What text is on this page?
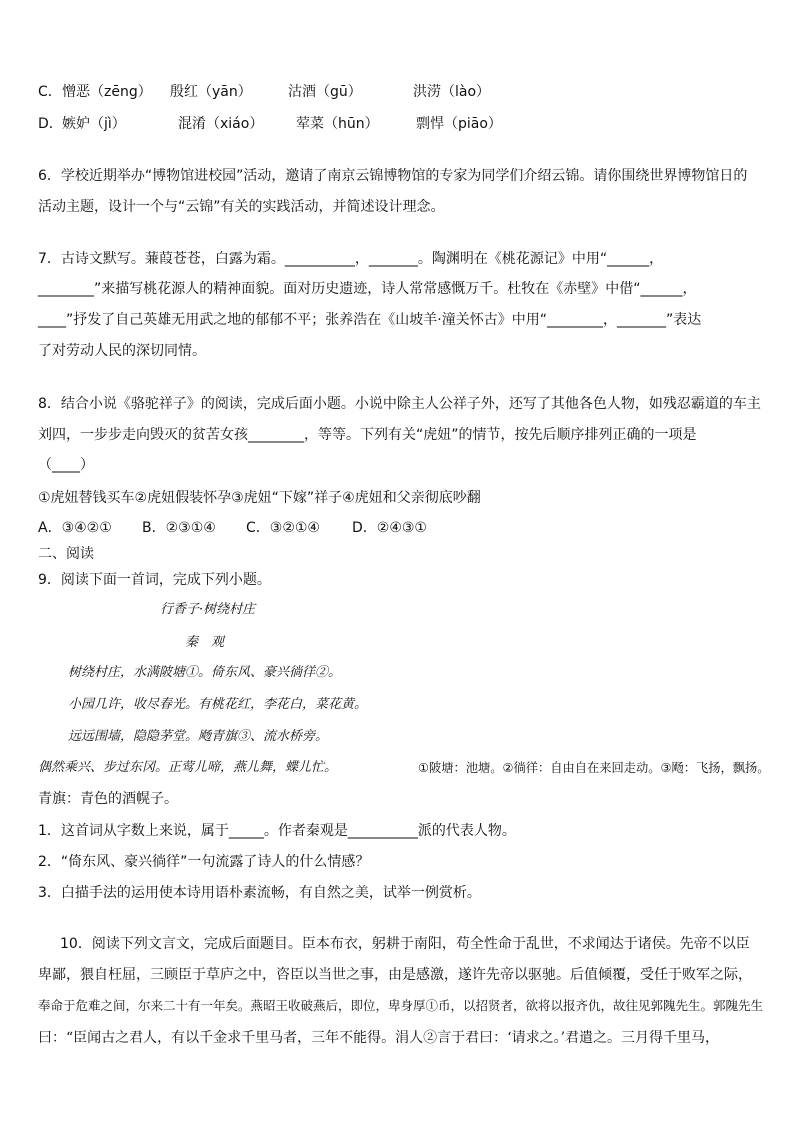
C． 憎恶（zēng） 殷红（yān）	沽酒（gū）	洪涝（lào）
D． 嫉妒（jì）	混淆（xiáo） 荤菜（hūn）	剽悍（piāo）
6．学校近期举办“博物馆进校园”活动，邀请了南京云锦博物馆的专家为同学们介绍云锦。请你围绕世界博物馆日的
活动主题，设计一个与“云锦”有关的实践活动，并简述设计理念。
7．古诗文默写。蒹葭苍苍，白露为霜。__________，_______。陶渊明在《桃花源记》中用“______，
________”来描写桃花源人的精神面貌。面对历史遗迹，诗人常常感慨万千。杜牧在《赤壁》中借“______，
____”抒发了自己英雄无用武之地的郁郁不平；张养浩在《山坡羊·潼关怀古》中用“________，_______”表达
了对劳动人民的深切同情。
8．结合小说《骆驼祥子》的阅读，完成后面小题。小说中除主人公祥子外，还写了其他各色人物，如残忍霸道的车主
刘四，一步步走向毁灭的贫苦女孩________，等等。下列有关“虎妞”的情节，按先后顺序排列正确的一项是
（____）
①虎妞替钱买车②虎妞假装怀孕③虎妞“下嫁”祥子④虎妞和父亲彻底吵翻
A．③④②① B．②③①④ C．③②①④ D．②④③①
二、阅读
9．阅读下面一首词，完成下列小题。
行香子·树绕村庄
秦　观
树绕村庄，水满陂塘①。倚东风、豪兴徜徉②。
小园几许，收尽春光。有桃花红，李花白，菜花黄。
远远围墙，隐隐茅堂。飏青旗③、流水桥旁。
偶然乘兴、步过东冈。正莺儿啼，燕儿舞，蝶儿忙。	①陂塘：池塘。②徜徉：自由自在来回走动。③飏：飞扬，飘扬。
青旗：青色的酒幌子。
1．这首词从字数上来说，属于_____。作者秦观是__________派的代表人物。
2．“倚东风、豪兴徜徉”一句流露了诗人的什么情感？
3．白描手法的运用使本诗用语朴素流畅，有自然之美，试举一例赏析。
10．阅读下列文言文，完成后面题目。臣本布衣，躬耕于南阳，苟全性命于乱世，不求闻达于诸侯。先帝不以臣
卑鄙，猥自枉屈，三顾臣于草庐之中，咨臣以当世之事，由是感激，遂许先帝以驱驰。后值倾覆，受任于败军之际，
奉命于危难之间，尔来二十有一年矣。燕昭王收破燕后，即位，卑身厚①币，以招贤者，欲将以报齐仇，故往见郭隗先生。郭隗先生
曰：“臣闻古之君人，有以千金求千里马者，三年不能得。涓人②言于君曰：‘请求之。’君遣之。三月得千里马，
